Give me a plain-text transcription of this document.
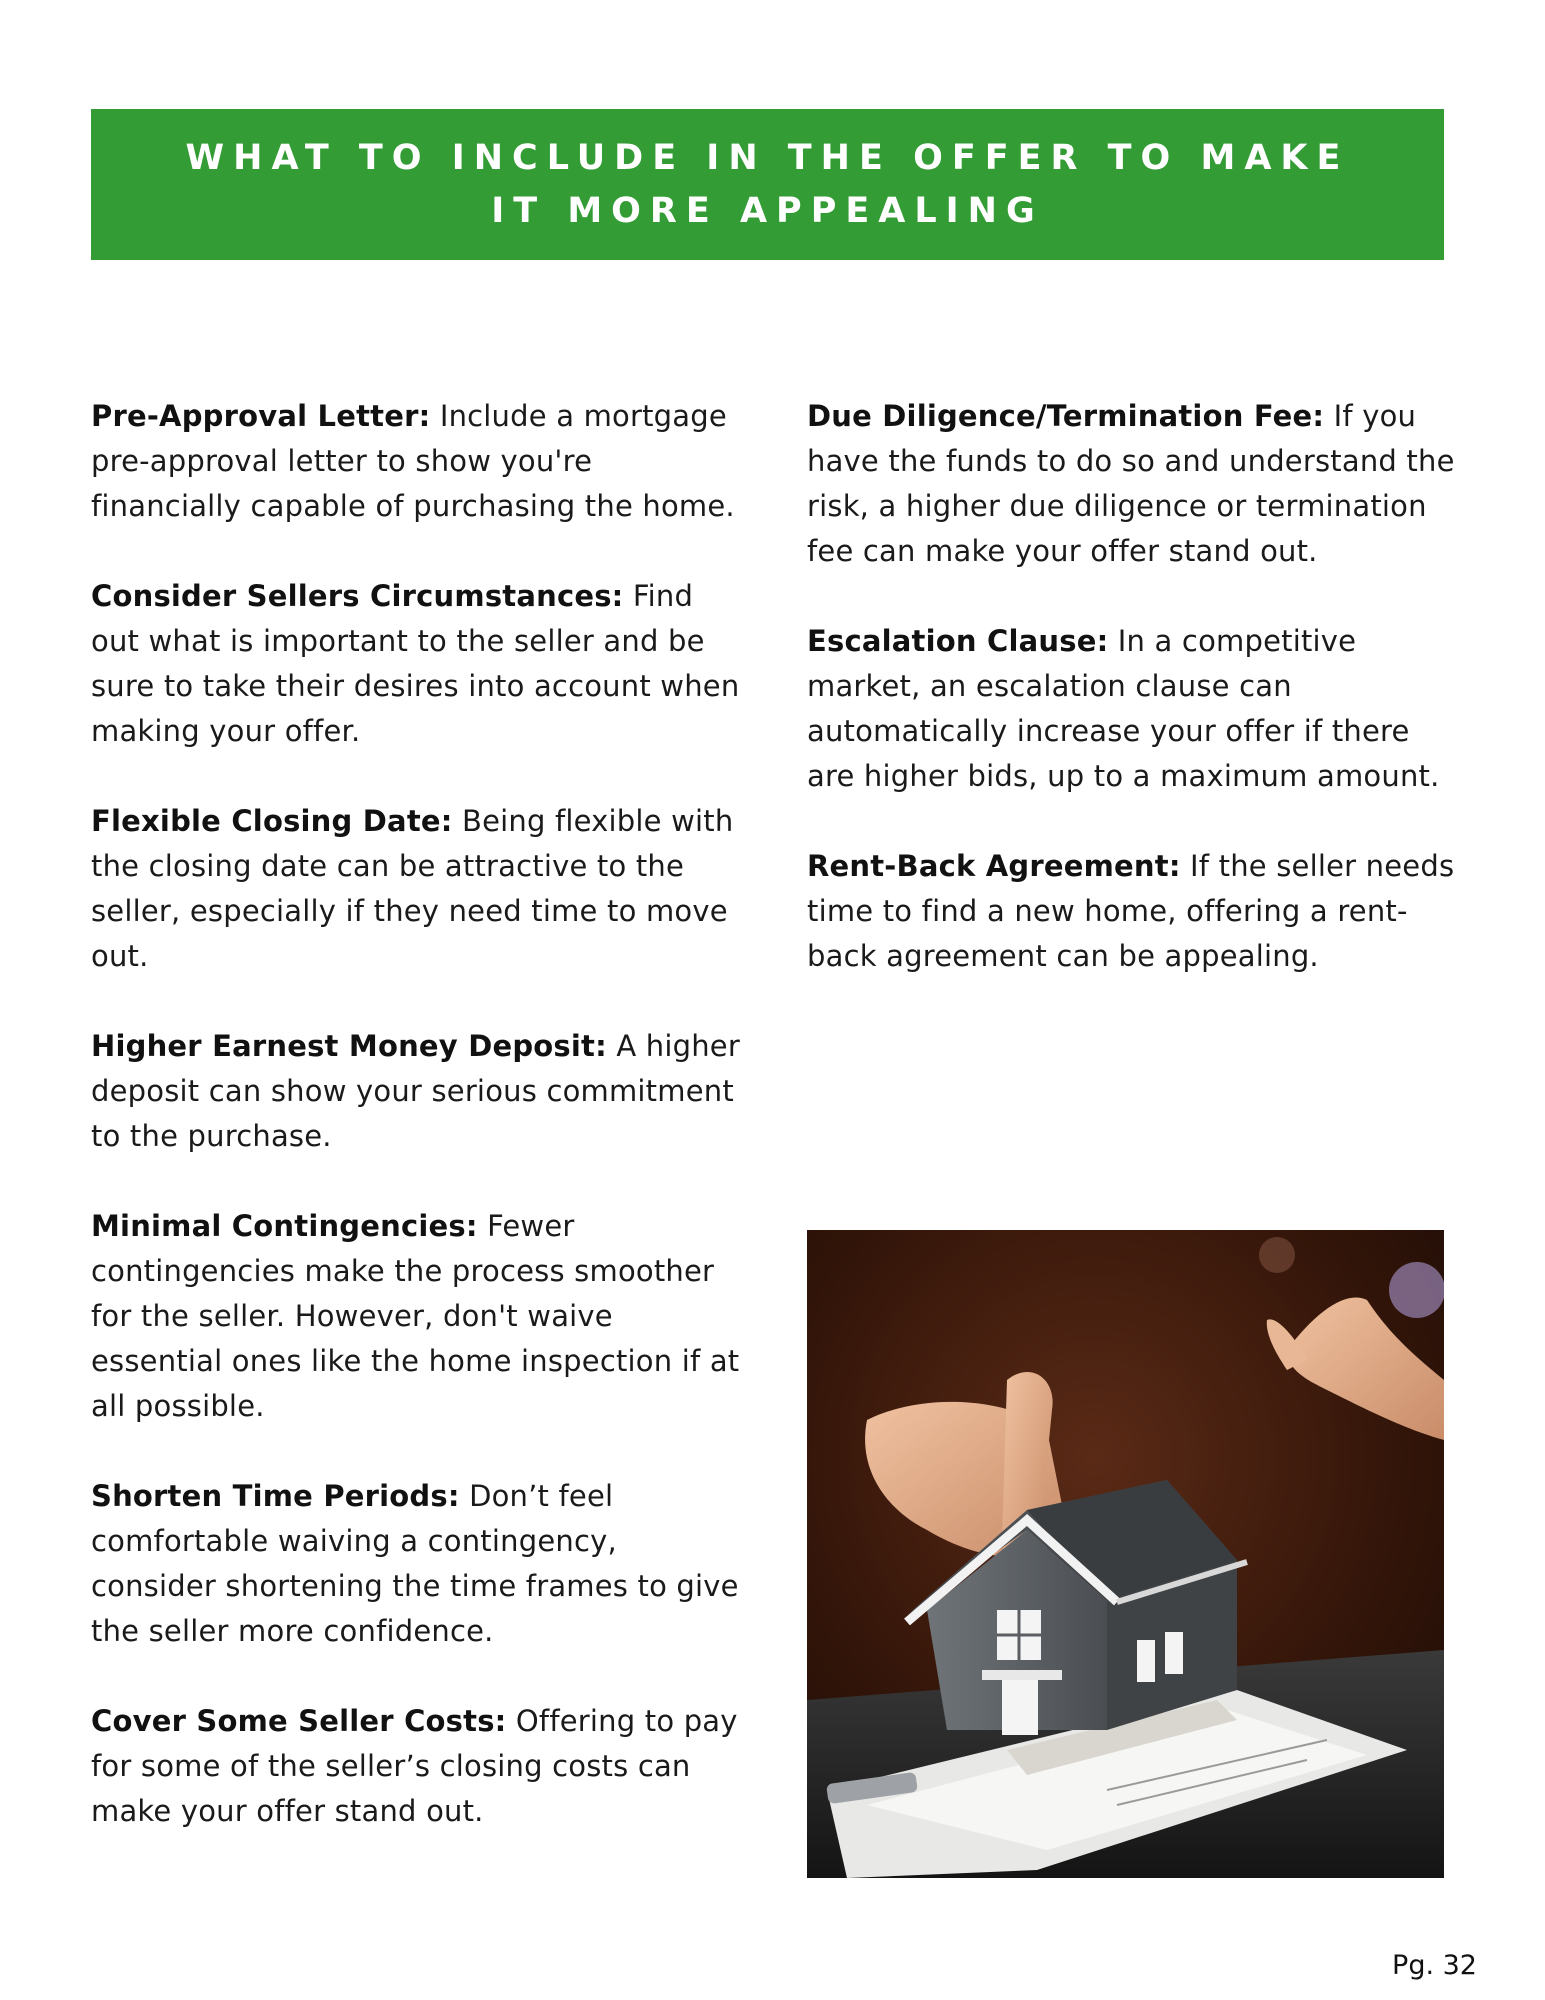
WHAT TO INCLUDE IN THE OFFER TO MAKE IT MORE APPEALING

Pre-Approval Letter: Include a mortgage pre-approval letter to show you're financially capable of purchasing the home.

Consider Sellers Circumstances: Find out what is important to the seller and be sure to take their desires into account when making your offer.

Flexible Closing Date: Being flexible with the closing date can be attractive to the seller, especially if they need time to move out.

Higher Earnest Money Deposit: A higher deposit can show your serious commitment to the purchase.

Minimal Contingencies: Fewer contingencies make the process smoother for the seller. However, don't waive essential ones like the home inspection if at all possible.

Shorten Time Periods: Don’t feel comfortable waiving a contingency, consider shortening the time frames to give the seller more confidence.

Cover Some Seller Costs: Offering to pay for some of the seller’s closing costs can make your offer stand out.

Due Diligence/Termination Fee: If you have the funds to do so and understand the risk, a higher due diligence or termination fee can make your offer stand out.

Escalation Clause: In a competitive market, an escalation clause can automatically increase your offer if there are higher bids, up to a maximum amount.

Rent-Back Agreement: If the seller needs time to find a new home, offering a rent-back agreement can be appealing.

Pg. 32
